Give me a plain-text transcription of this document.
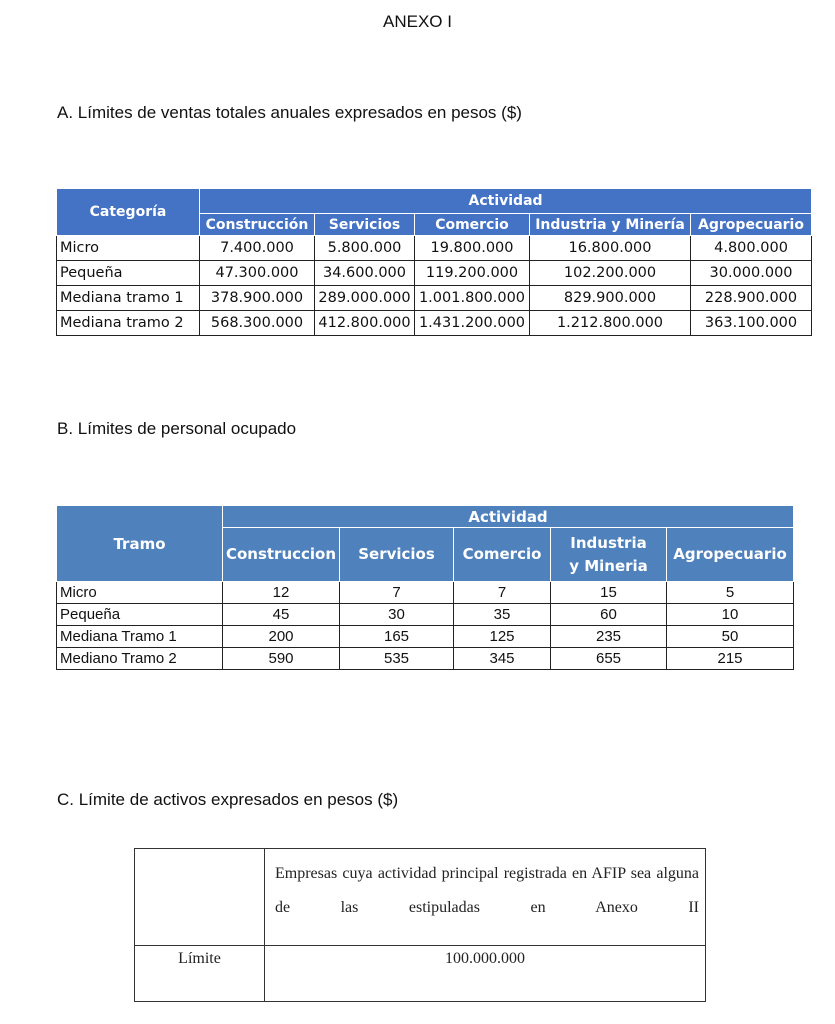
ANEXO I
A. Límites de ventas totales anuales expresados en pesos ($)
Categoría	Actividad				
	Construcción	Servicios	Comercio	Industria y Minería	Agropecuario
Micro	7.400.000	5.800.000	19.800.000	16.800.000	4.800.000
Pequeña	47.300.000	34.600.000	119.200.000	102.200.000	30.000.000
Mediana tramo 1	378.900.000	289.000.000	1.001.800.000	829.900.000	228.900.000
Mediana tramo 2	568.300.000	412.800.000	1.431.200.000	1.212.800.000	363.100.000
B. Límites de personal ocupado
Tramo	Actividad				
	Construccion	Servicios	Comercio	Industria y Mineria	Agropecuario
Micro	12	7	7	15	5
Pequeña	45	30	35	60	10
Mediana Tramo 1	200	165	125	235	50
Mediano Tramo 2	590	535	345	655	215
C. Límite de activos expresados en pesos ($)
	Empresas cuya actividad principal registrada en AFIP sea alguna de las estipuladas en Anexo II
Límite	100.000.000
